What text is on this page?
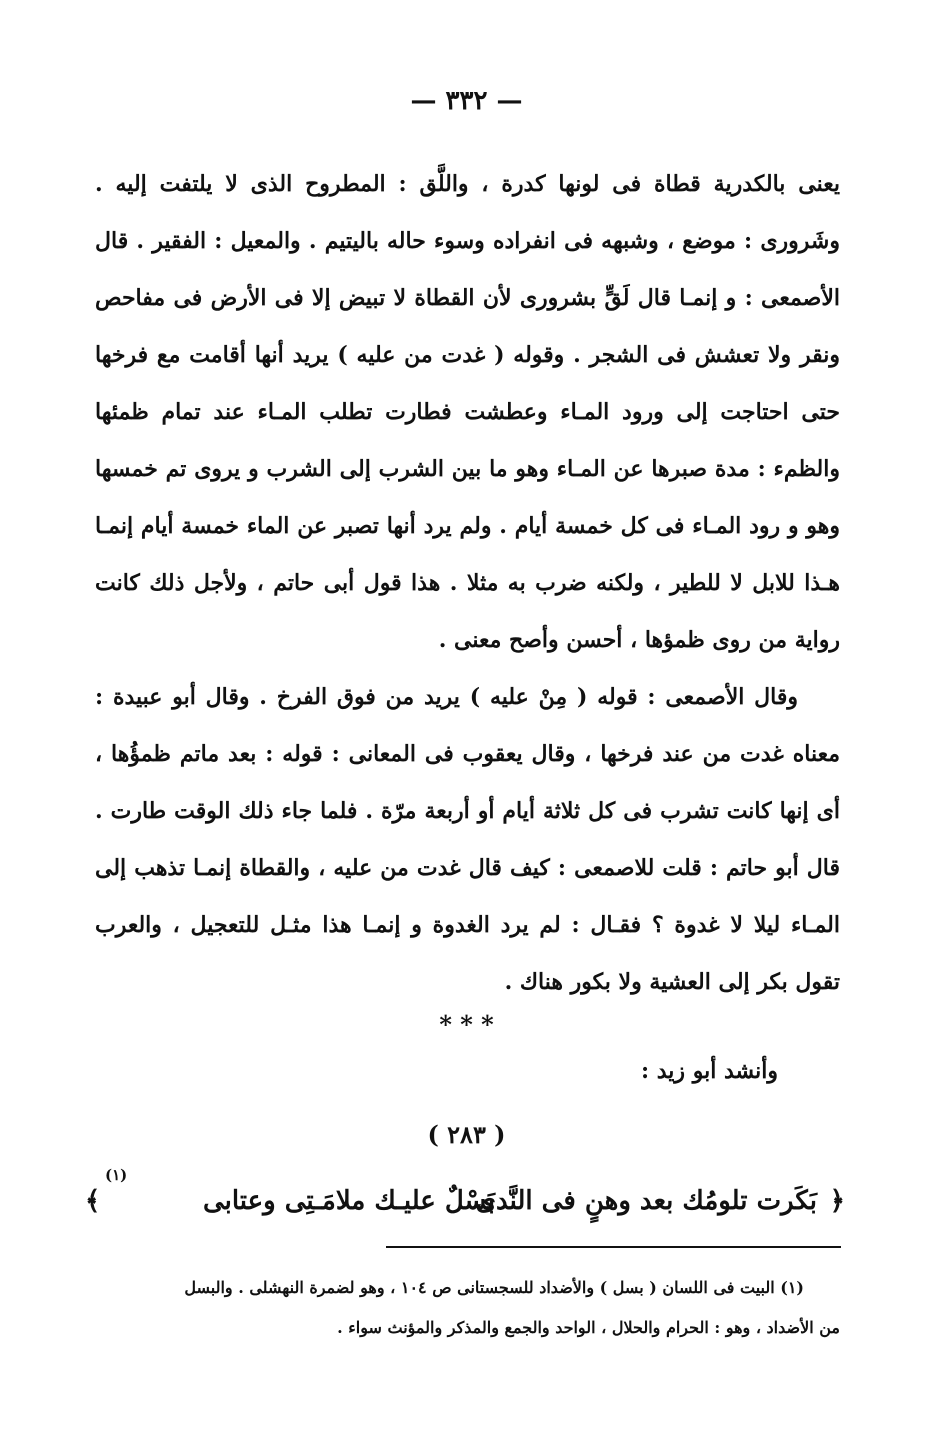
— ٣٣٢ —

يعنى بالكدرية قطاة فى لونها كدرة ، واللَّق : المطروح الذى لا يلتفت إليه . وشَرورى : موضع ، وشبهه فى انفراده وسوء حاله باليتيم . والمعيل : الفقير . قال الأصمعى : و إنمـا قال لَقٍّ بشرورى لأن القطاة لا تبيض إلا فى الأرض فى مفاحص ونقر ولا تعشش فى الشجر . وقوله ( غدت من عليه ) يريد أنها أقامت مع فرخها حتى احتاجت إلى ورود المـاء وعطشت فطارت تطلب المـاء عند تمام ظمئها والظمء : مدة صبرها عن المـاء وهو ما بين الشرب إلى الشرب و يروى تم خمسها وهو و رود المـاء فى كل خمسة أيام . ولم يرد أنها تصبر عن الماء خمسة أيام إنمـا هـذا للابل لا للطير ، ولكنه ضرب به مثلا . هذا قول أبى حاتم ، ولأجل ذلك كانت رواية من روى ظمؤها ، أحسن وأصح معنى .

وقال الأصمعى : قوله ( مِنْ عليه ) يريد من فوق الفرخ . وقال أبو عبيدة : معناه غدت من عند فرخها ، وقال يعقوب فى المعانى : قوله : بعد ماتم ظمؤُها ، أى إنها كانت تشرب فى كل ثلاثة أيام أو أربعة مرّة . فلما جاء ذلك الوقت طارت . قال أبو حاتم : قلت للاصمعى : كيف قال غدت من عليه ، والقطاة إنمـا تذهب إلى المـاء ليلا لا غدوة ؟ فقـال : لم يرد الغدوة و إنمـا هذا مثـل للتعجيل ، والعرب تقول بكر إلى العشية ولا بكور هناك .

* * *
وأنشد أبو زيد :
( ٢٨٣ )
﴿
بَكَرت تلومُك بعد وهنٍ فى النَّدى
بَسْلٌ عليـك ملامَـتِى وعتابى
(١)
﴾

(١) البيت فى اللسان ( بسل ) والأضداد للسجستانى ص ١٠٤ ، وهو لضمرة النهشلى . والبسل

من الأضداد ، وهو : الحرام والحلال ، الواحد والجمع والمذكر والمؤنث سواء .
